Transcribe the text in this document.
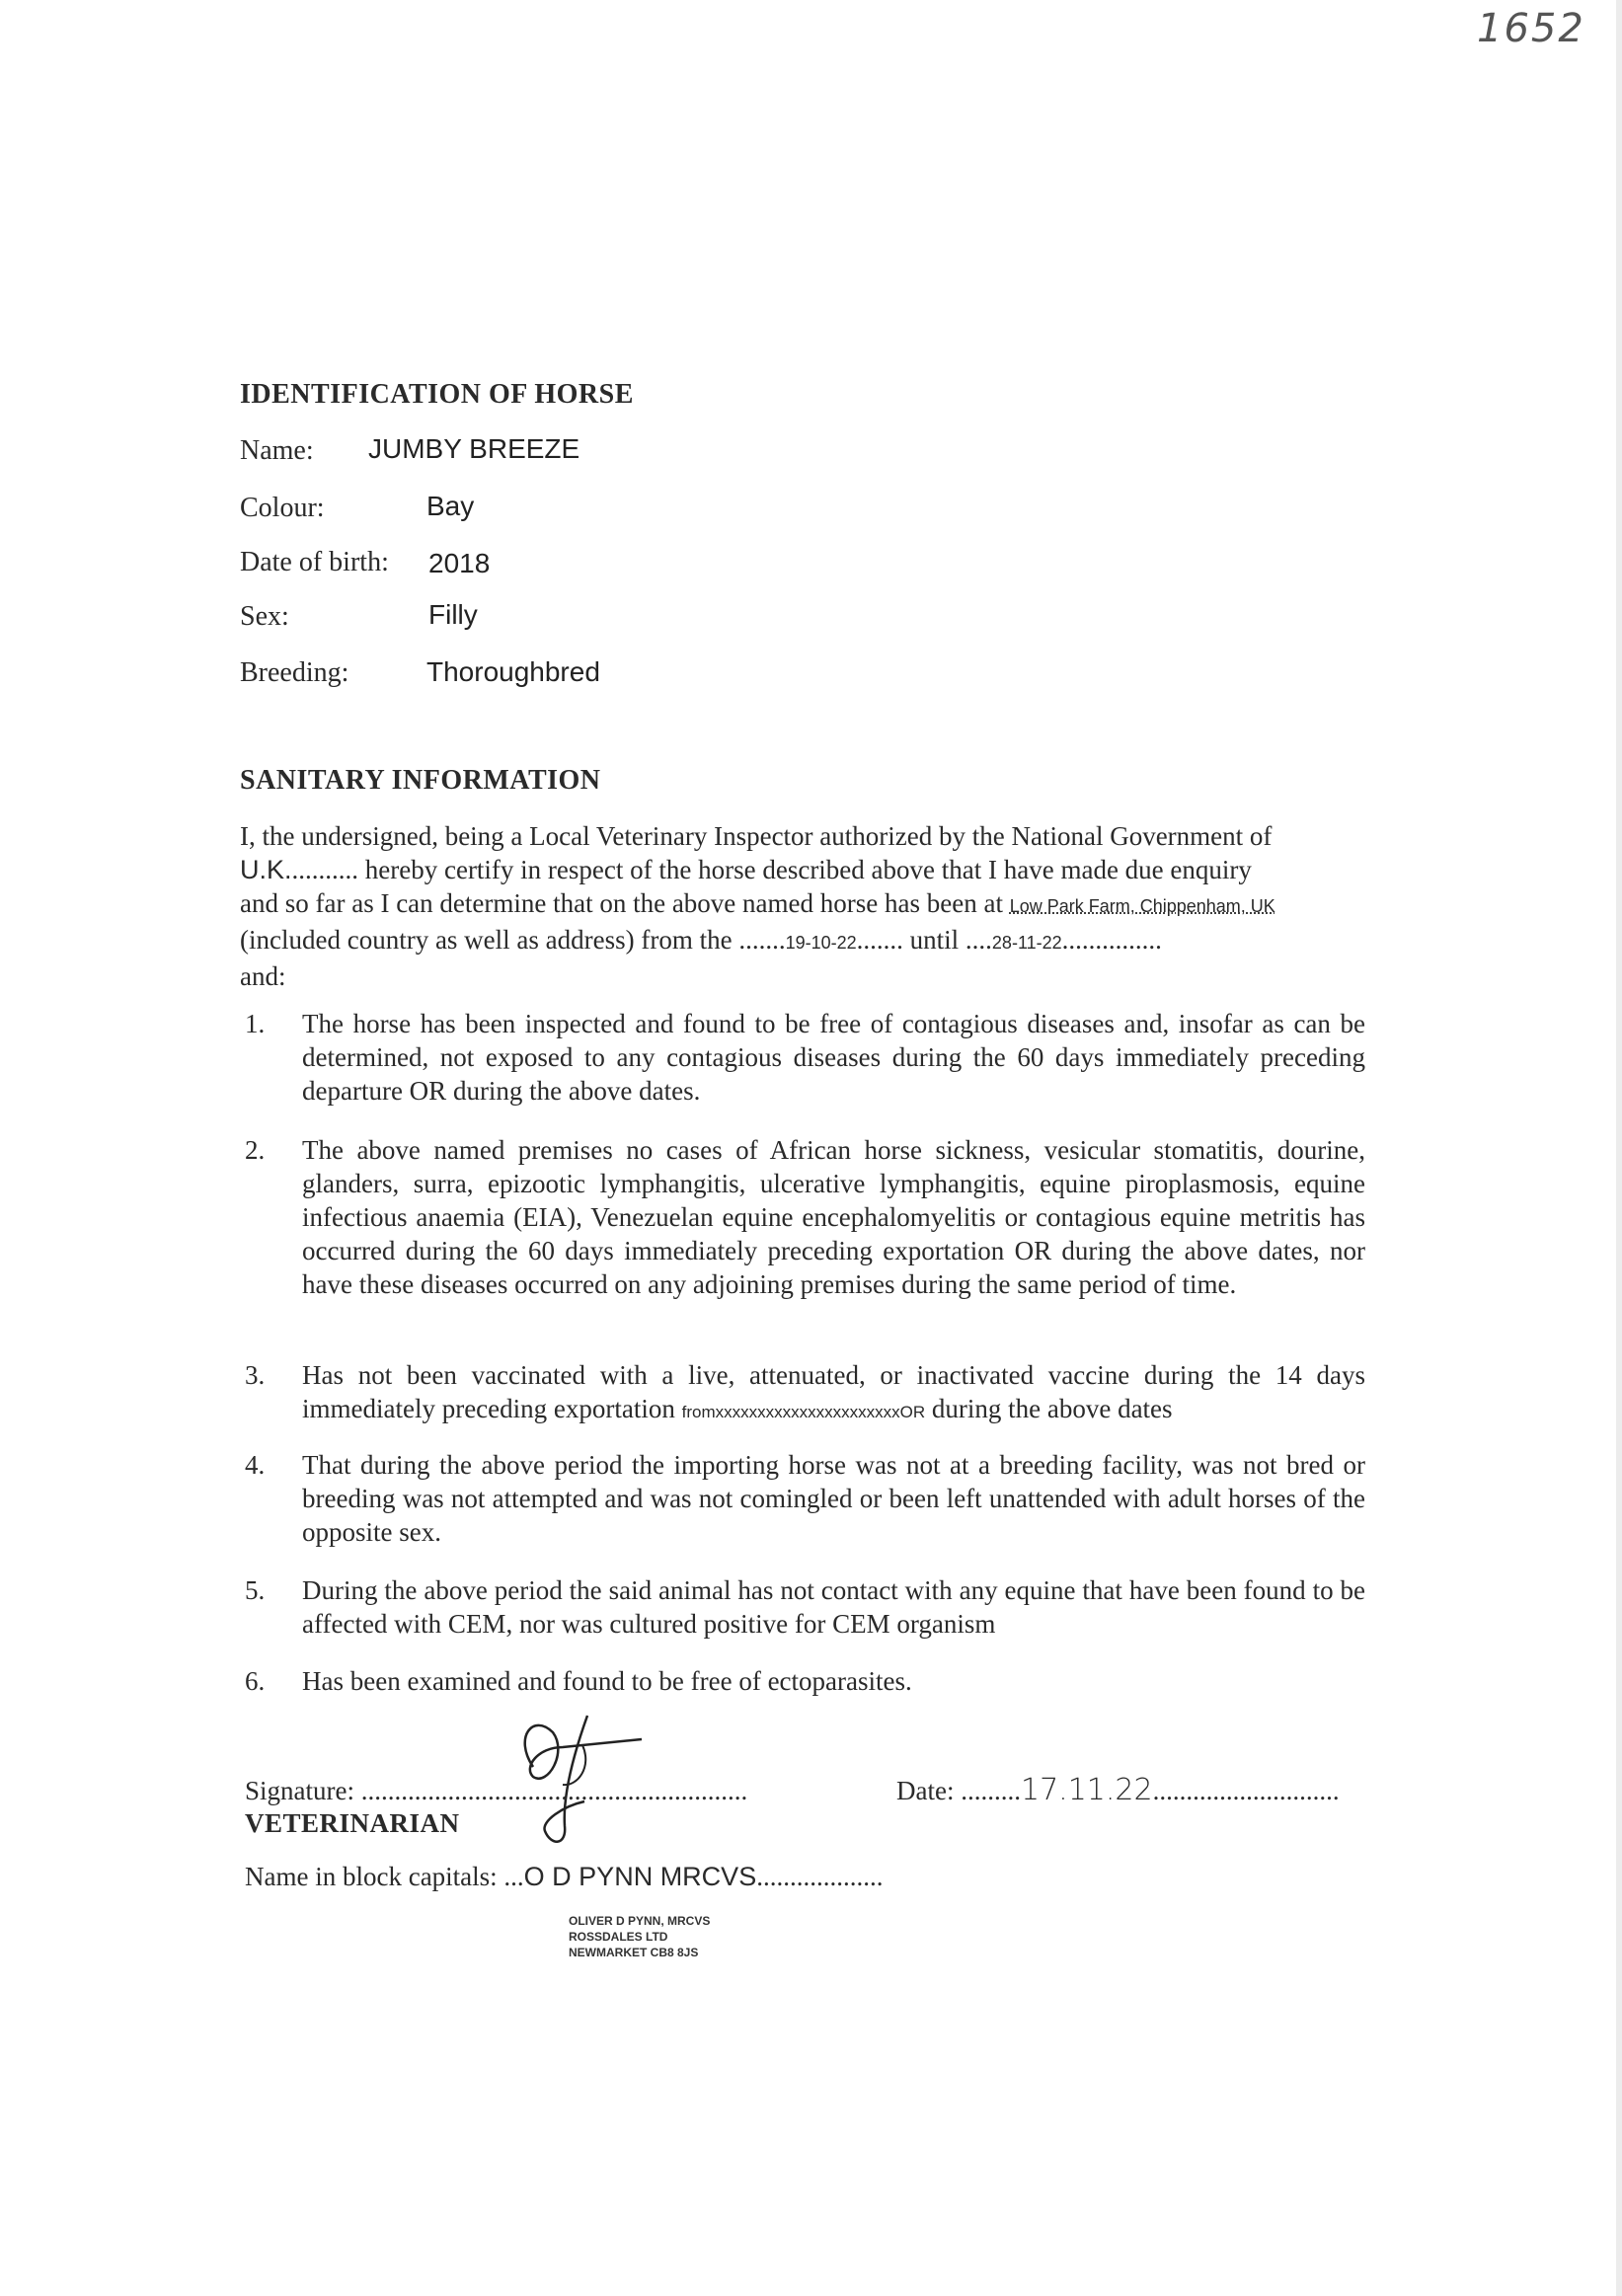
1652
IDENTIFICATION OF HORSE
Name: JUMBY BREEZE
Colour:	Bay
Date of birth: 2018
Sex:	Filly
Breeding:	Thoroughbred
SANITARY INFORMATION
I, the undersigned, being a Local Veterinary Inspector authorized by the National Government of
U.K........... hereby certify in respect of the horse described above that I have made due enquiry
and so far as I can determine that on the above named horse has been at Low Park Farm, Chippenham, UK
(included country as well as address) from the .......19-10-22....... until ....28-11-22...............
and:
1. The horse has been inspected and found to be free of contagious diseases and, insofar as can be determined, not exposed to any contagious diseases during the 60 days immediately preceding departure OR during the above dates.

2. The above named premises no cases of African horse sickness, vesicular stomatitis, dourine, glanders, surra, epizootic lymphangitis, ulcerative lymphangitis, equine piroplasmosis, equine infectious anaemia (EIA), Venezuelan equine encephalomyelitis or contagious equine metritis has occurred during the 60 days immediately preceding exportation OR during the above dates, nor have these diseases occurred on any adjoining premises during the same period of time.

3. Has not been vaccinated with a live, attenuated, or inactivated vaccine during the 14 days immediately preceding exportation fromxxxxxxxxxxxxxxxxxxxxxxOR during the above dates

4. That during the above period the importing horse was not at a breeding facility, was not bred or breeding was not attempted and was not comingled or been left unattended with adult horses of the opposite sex.

5. During the above period the said animal has not contact with any equine that have been found to be affected with CEM, nor was cultured positive for CEM organism

6. Has been examined and found to be free of ectoparasites.

Signature: ..........................................................
VETERINARIAN
Date: .........17.11.22............................
Name in block capitals: ...O D PYNN MRCVS...................
OLIVER D PYNN, MRCVS
ROSSDALES LTD
NEWMARKET CB8 8JS
